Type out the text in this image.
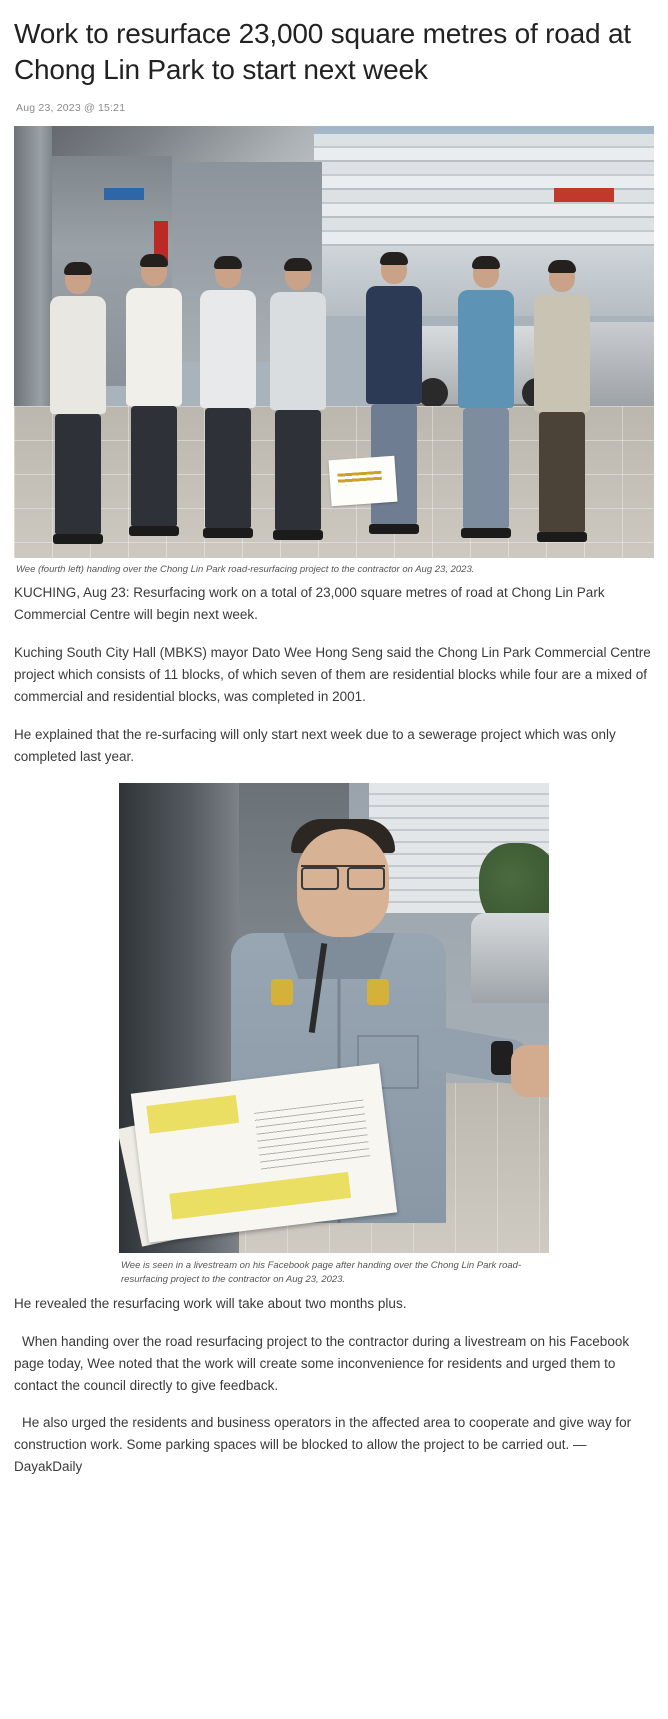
Work to resurface 23,000 square metres of road at Chong Lin Park to start next week
Aug 23, 2023 @ 15:21
Wee (fourth left) handing over the Chong Lin Park road-resurfacing project to the contractor on Aug 23, 2023.

KUCHING, Aug 23: Resurfacing work on a total of 23,000 square metres of road at Chong Lin Park Commercial Centre will begin next week.

Kuching South City Hall (MBKS) mayor Dato Wee Hong Seng said the Chong Lin Park Commercial Centre project which consists of 11 blocks, of which seven of them are residential blocks while four are a mixed of commercial and residential blocks, was completed in 2001.

He explained that the re-surfacing will only start next week due to a sewerage project which was only completed last year.

Wee is seen in a livestream on his Facebook page after handing over the Chong Lin Park road-resurfacing project to the contractor on Aug 23, 2023.

He revealed the resurfacing work will take about two months plus.

When handing over the road resurfacing project to the contractor during a livestream on his Facebook page today, Wee noted that the work will create some inconvenience for residents and urged them to contact the council directly to give feedback.

He also urged the residents and business operators in the affected area to cooperate and give way for construction work. Some parking spaces will be blocked to allow the project to be carried out. — DayakDaily
